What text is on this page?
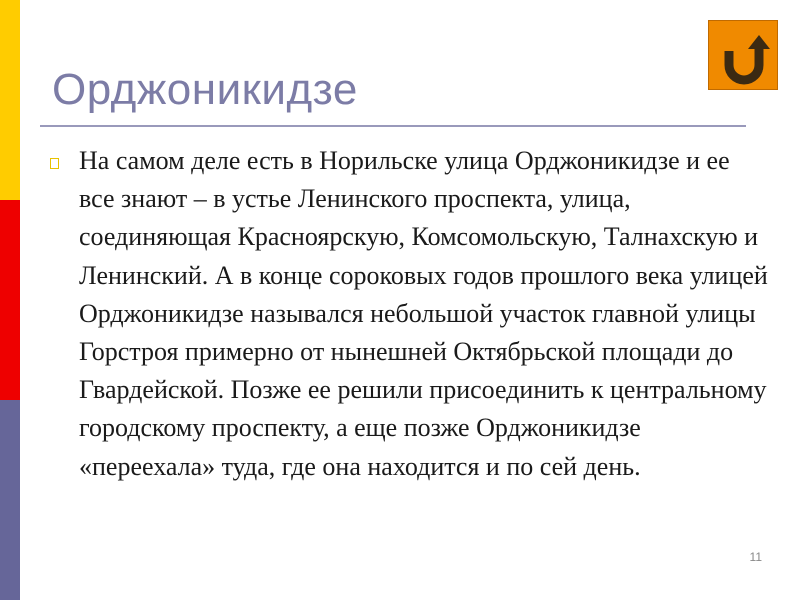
Орджоникидзе

На самом деле есть в Норильске улица Орджоникидзе и ее все знают – в устье Ленинского проспекта, улица, соединяющая Красноярскую, Комсомольскую, Талнахскую и Ленинский. А в конце сороковых годов прошлого века улицей Орджоникидзе назывался небольшой участок главной улицы Горстроя примерно от нынешней Октябрьской площади до Гвардейской. Позже ее решили присоединить к центральному городскому проспекту, а еще позже Орджоникидзе «переехала» туда, где она находится и по сей день.

11
